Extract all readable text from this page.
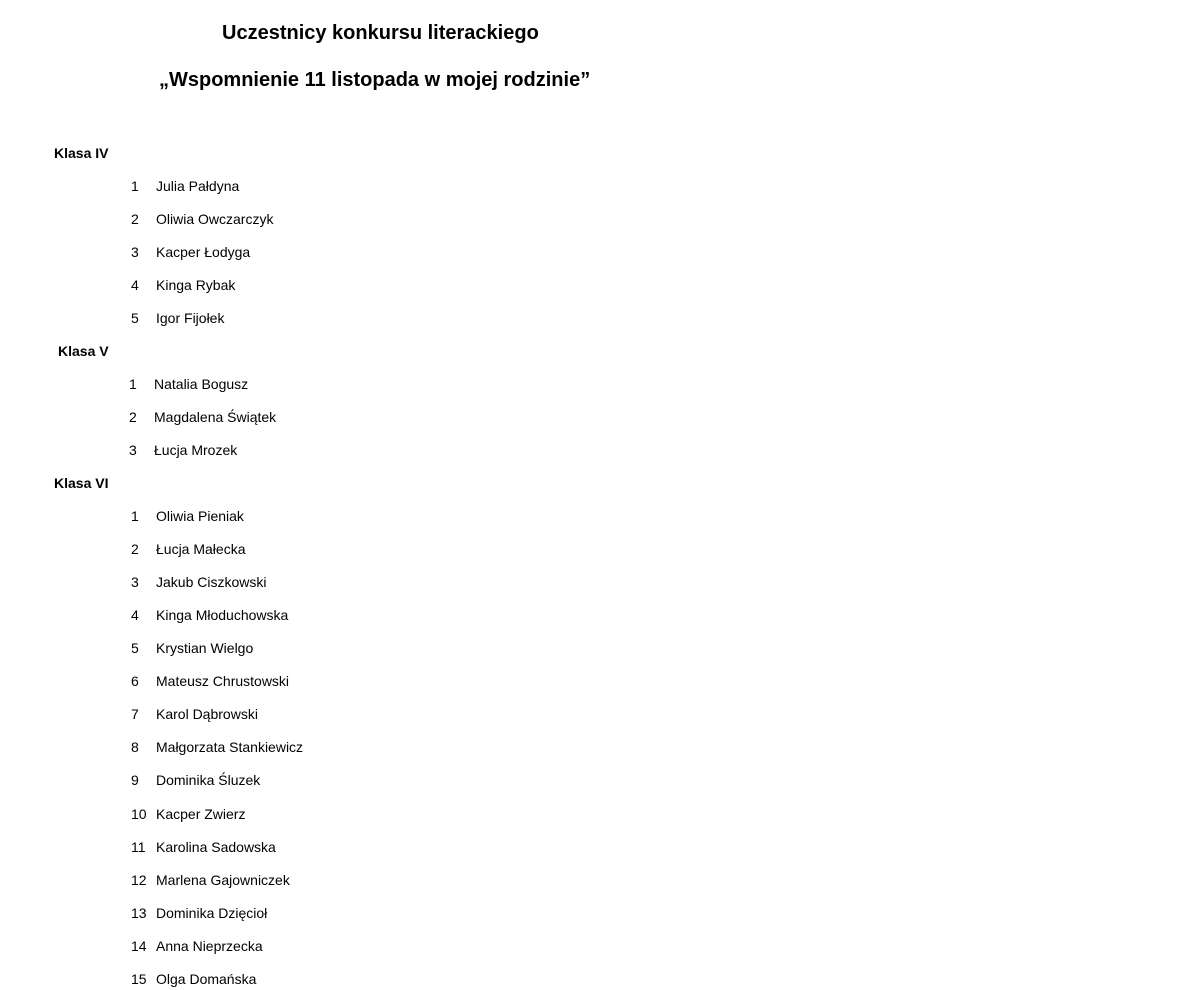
Uczestnicy konkursu literackiego
„Wspomnienie 11 listopada w mojej rodzinie”
Klasa IV
1 Julia Pałdyna
2 Oliwia Owczarczyk
3 Kacper Łodyga
4 Kinga Rybak
5 Igor Fijołek
Klasa V
1 Natalia Bogusz
2 Magdalena Świątek
3 Łucja Mrozek
Klasa VI
1 Oliwia Pieniak
2 Łucja Małecka
3 Jakub Ciszkowski
4 Kinga Młoduchowska
5 Krystian Wielgo
6 Mateusz Chrustowski
7 Karol Dąbrowski
8 Małgorzata Stankiewicz
9 Dominika Śluzek
10 Kacper Zwierz
11 Karolina Sadowska
12 Marlena Gajowniczek
13 Dominika Dzięcioł
14 Anna Nieprzecka
15 Olga Domańska
